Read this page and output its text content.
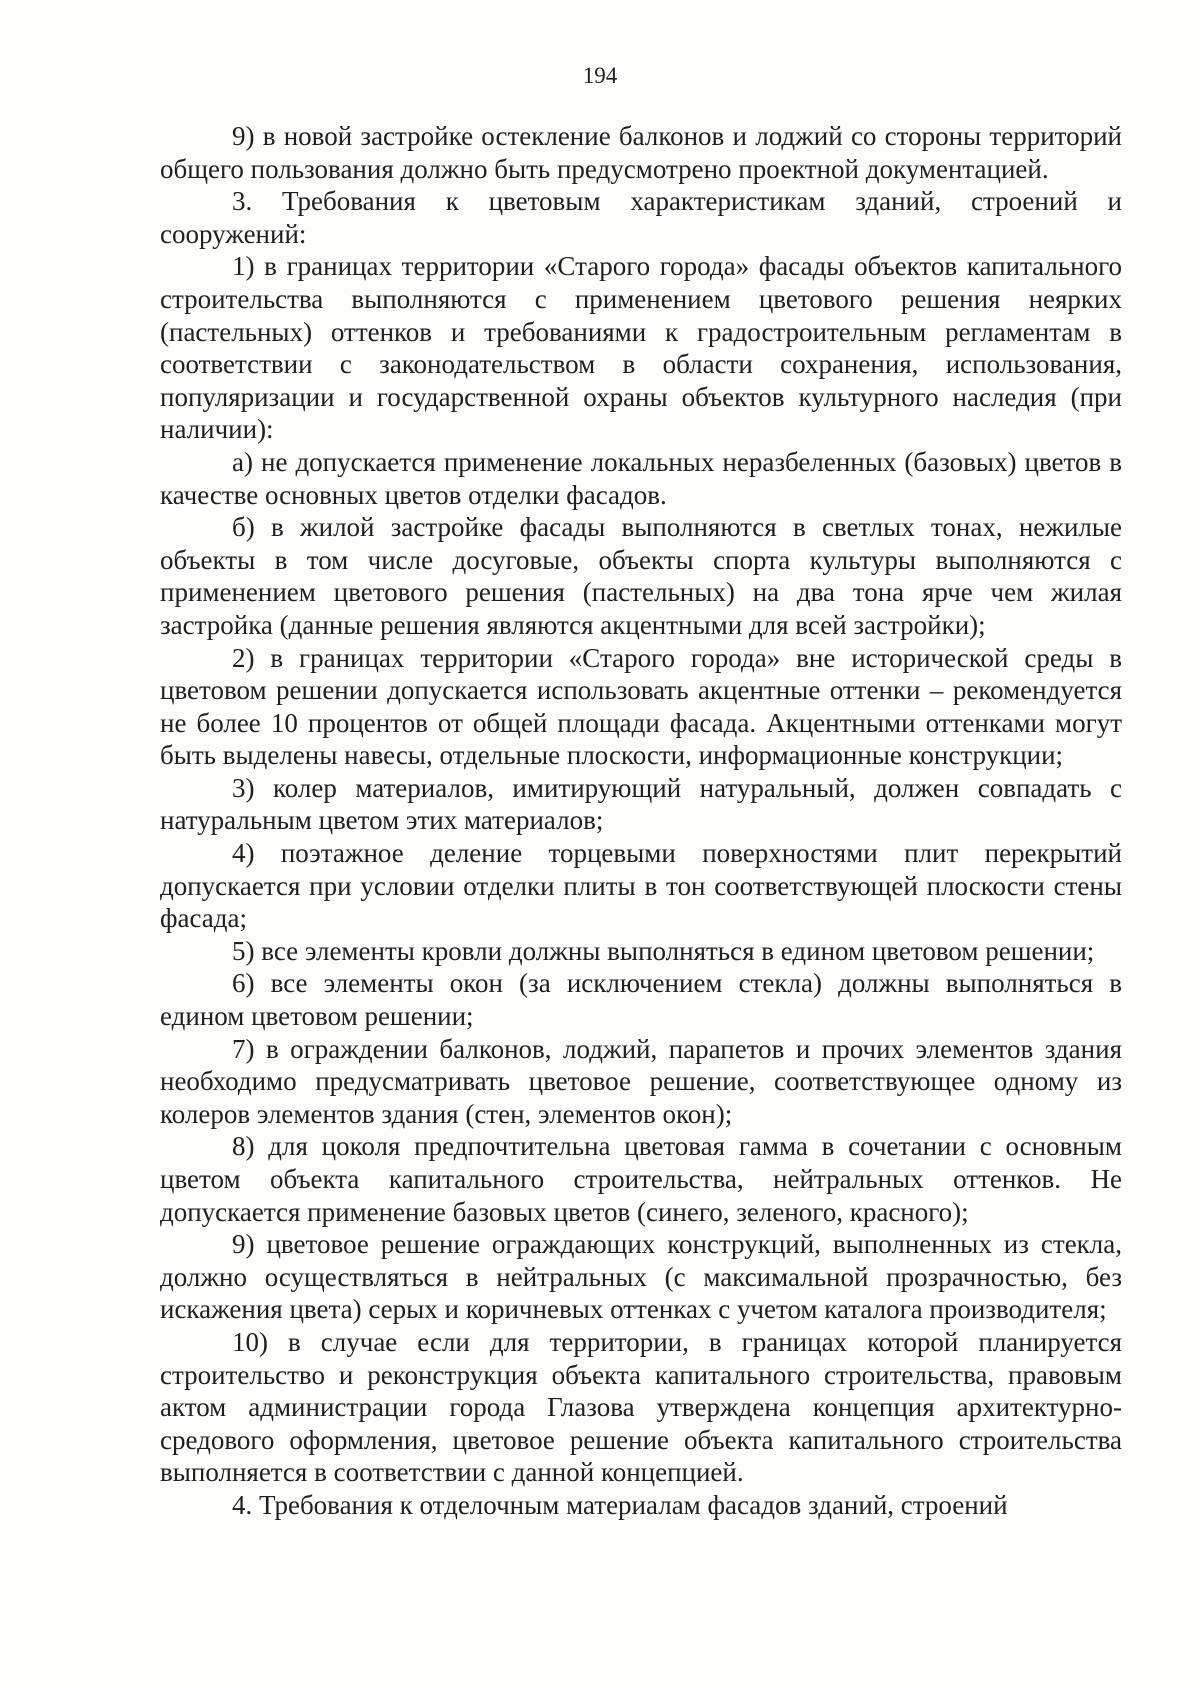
194

9) в новой застройке остекление балконов и лоджий со стороны территорий общего пользования должно быть предусмотрено проектной документацией.

3. Требования к цветовым характеристикам зданий, строений и сооружений:

1) в границах территории «Старого города» фасады объектов капитального строительства выполняются с применением цветового решения неярких (пастельных) оттенков и требованиями к градостроительным регламентам в соответствии с законодательством в области сохранения, использования, популяризации и государственной охраны объектов культурного наследия (при наличии):

а) не допускается применение локальных неразбеленных (базовых) цветов в качестве основных цветов отделки фасадов.

б) в жилой застройке фасады выполняются в светлых тонах, нежилые объекты в том числе досуговые, объекты спорта культуры выполняются с применением цветового решения (пастельных) на два тона ярче чем жилая застройка (данные решения являются акцентными для всей застройки);

2) в границах территории «Старого города» вне исторической среды в цветовом решении допускается использовать акцентные оттенки – рекомендуется не более 10 процентов от общей площади фасада. Акцентными оттенками могут быть выделены навесы, отдельные плоскости, информационные конструкции;

3) колер материалов, имитирующий натуральный, должен совпадать с натуральным цветом этих материалов;

4) поэтажное деление торцевыми поверхностями плит перекрытий допускается при условии отделки плиты в тон соответствующей плоскости стены фасада;

5) все элементы кровли должны выполняться в едином цветовом решении;

6) все элементы окон (за исключением стекла) должны выполняться в едином цветовом решении;

7) в ограждении балконов, лоджий, парапетов и прочих элементов здания необходимо предусматривать цветовое решение, соответствующее одному из колеров элементов здания (стен, элементов окон);

8) для цоколя предпочтительна цветовая гамма в сочетании с основным цветом объекта капитального строительства, нейтральных оттенков. Не допускается применение базовых цветов (синего, зеленого, красного);

9) цветовое решение ограждающих конструкций, выполненных из стекла, должно осуществляться в нейтральных (с максимальной прозрачностью, без искажения цвета) серых и коричневых оттенках с учетом каталога производителя;

10) в случае если для территории, в границах которой планируется строительство и реконструкция объекта капитального строительства, правовым актом администрации города Глазова утверждена концепция архитектурно-средового оформления, цветовое решение объекта капитального строительства выполняется в соответствии с данной концепцией.

4. Требования к отделочным материалам фасадов зданий, строений
